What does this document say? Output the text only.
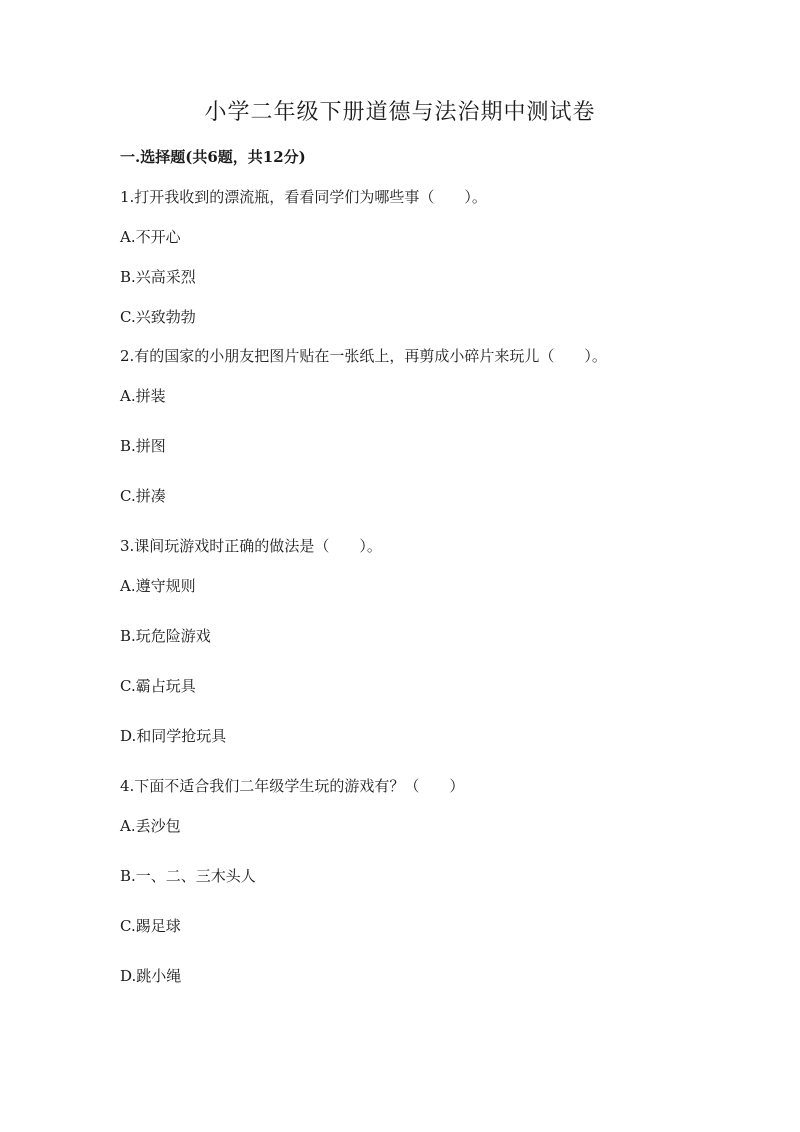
小学二年级下册道德与法治期中测试卷

一.选择题(共6题，共12分)

1.打开我收到的漂流瓶，看看同学们为哪些事（　　）。

A.不开心

B.兴高采烈

C.兴致勃勃

2.有的国家的小朋友把图片贴在一张纸上，再剪成小碎片来玩儿（　　）。

A.拼装

B.拼图

C.拼凑

3.课间玩游戏时正确的做法是（　　）。

A.遵守规则

B.玩危险游戏

C.霸占玩具

D.和同学抢玩具

4.下面不适合我们二年级学生玩的游戏有？（　　）

A.丢沙包

B.一、二、三木头人

C.踢足球

D.跳小绳
